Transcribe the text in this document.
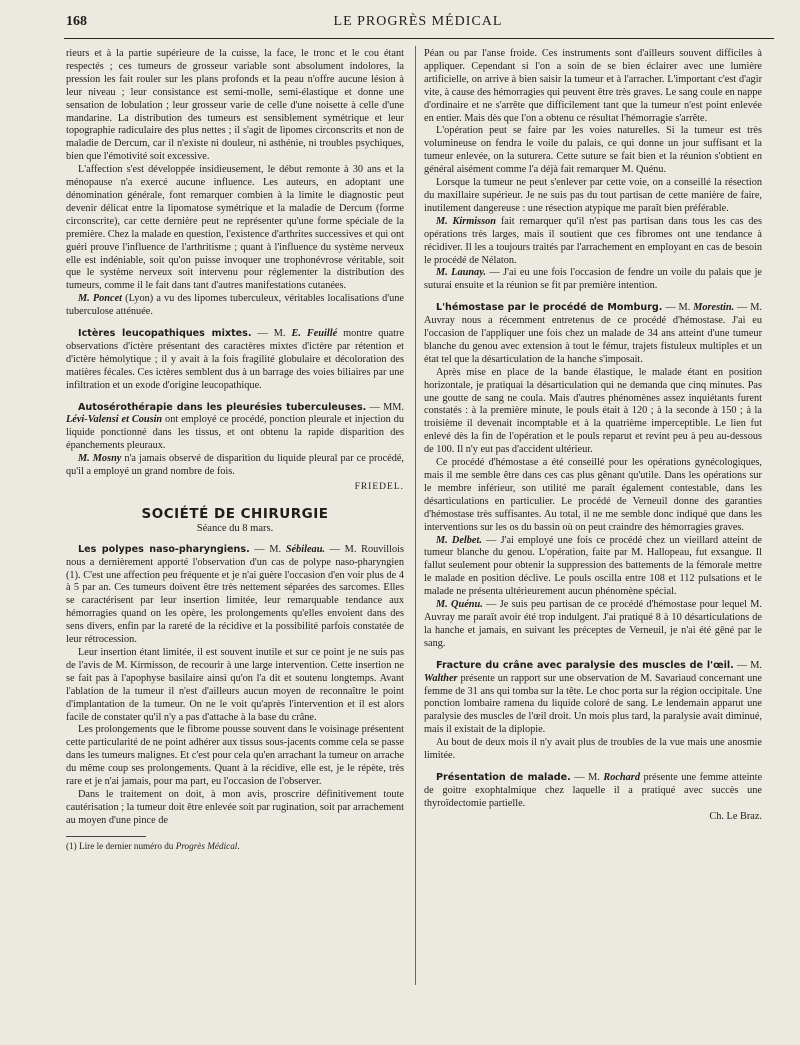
168	LE PROGRÈS MÉDICAL

rieurs et à la partie supérieure de la cuisse, la face, le tronc et le cou étant respectés ; ces tumeurs de grosseur variable sont absolument indolores, la pression les fait rouler sur les plans profonds et la peau n'offre aucune lésion à leur niveau ; leur consistance est semi-molle, semi-élastique et donne une sensation de lobulation ; leur grosseur varie de celle d'une noisette à celle d'une mandarine. La distribution des tumeurs est sensiblement symétrique et leur topographie radiculaire des plus nettes ; il s'agit de lipomes circonscrits et non de maladie de Dercum, car il n'existe ni douleur, ni asthénie, ni troubles psychiques, bien que l'émotivité soit excessive.

L'affection s'est développée insidieusement, le début remonte à 30 ans et la ménopause n'a exercé aucune influence. Les auteurs, en adoptant une dénomination générale, font remarquer combien à la limite le diagnostic peut devenir délicat entre la lipomatose symétrique et la maladie de Dercum (forme circonscrite), car cette dernière peut ne représenter qu'une forme spéciale de la première. Chez la malade en question, l'existence d'arthrites successives et qui ont guéri prouve l'influence de l'arthritisme ; quant à l'influence du système nerveux elle est indéniable, soit qu'on puisse invoquer une trophonévrose véritable, soit que le système nerveux soit intervenu pour réglementer la distribution des tumeurs, comme il le fait dans tant d'autres manifestations cutanées.

M. Poncet (Lyon) a vu des lipomes tuberculeux, véritables localisations d'une tuberculose atténuée.

Ictères leucopathiques mixtes. — M. E. Feuillé montre quatre observations d'ictère présentant des caractères mixtes d'ictère par rétention et d'ictère hémolytique ; il y avait à la fois fragilité globulaire et décoloration des matières fécales. Ces ictères semblent dus à un barrage des voies biliaires par une infiltration et un exode d'origine leucopathique.

Autosérothérapie dans les pleurésies tuberculeuses. — MM. Lévi-Valensi et Cousin ont employé ce procédé, ponction pleurale et injection du liquide ponctionné dans les tissus, et ont obtenu la rapide disparition des épanchements pleuraux.

M. Mosny n'a jamais observé de disparition du liquide pleural par ce procédé, qu'il a employé un grand nombre de fois.

FRIEDEL.

SOCIÉTÉ DE CHIRURGIE
Séance du 8 mars.

Les polypes naso-pharyngiens. — M. Sébileau. — M. Rouvillois nous a dernièrement apporté l'observation d'un cas de polype naso-pharyngien (1). C'est une affection peu fréquente et je n'ai guère l'occasion d'en voir plus de 4 à 5 par an. Ces tumeurs doivent être très nettement séparées des sarcomes. Elles se caractérisent par leur insertion limitée, leur remarquable tendance aux hémorragies quand on les opère, les prolongements qu'elles envoient dans des sens divers, enfin par la rareté de la récidive et la possibilité parfois constatée de leur rétrocession.

Leur insertion étant limitée, il est souvent inutile et sur ce point je ne suis pas de l'avis de M. Kirmisson, de recourir à une large intervention. Cette insertion ne se fait pas à l'apophyse basilaire ainsi qu'on l'a dit et soutenu longtemps. Avant l'ablation de la tumeur il n'est d'ailleurs aucun moyen de reconnaître le point d'implantation de la tumeur. On ne le voit qu'après l'intervention et il est alors facile de constater qu'il n'y a pas d'attache à la base du crâne.

Les prolongements que le fibrome pousse souvent dans le voisinage présentent cette particularité de ne point adhérer aux tissus sous-jacents comme cela se passe dans les tumeurs malignes. Et c'est pour cela qu'en arrachant la tumeur on arrache du même coup ses prolongements. Quant à la récidive, elle est, je le répète, très rare et je n'ai jamais, pour ma part, eu l'occasion de l'observer.

Dans le traitement on doit, à mon avis, proscrire définitivement toute cautérisation ; la tumeur doit être enlevée soit par rugination, soit par arrachement au moyen d'une pince de

(1) Lire le dernier numéro du Progrès Médical.

Péan ou par l'anse froide. Ces instruments sont d'ailleurs souvent difficiles à appliquer. Cependant si l'on a soin de se bien éclairer avec une lumière artificielle, on arrive à bien saisir la tumeur et à l'arracher. L'important c'est d'agir vite, à cause des hémorragies qui peuvent être très graves. Le sang coule en nappe d'ordinaire et ne s'arrête que difficilement tant que la tumeur n'est point enlevée en entier. Mais dès que l'on a obtenu ce résultat l'hémorragie s'arrête.

L'opération peut se faire par les voies naturelles. Si la tumeur est très volumineuse on fendra le voile du palais, ce qui donne un jour suffisant et la tumeur enlevée, on la suturera. Cette suture se fait bien et la réunion s'obtient en général aisément comme l'a déjà fait remarquer M. Quénu.

Lorsque la tumeur ne peut s'enlever par cette voie, on a conseillé la résection du maxillaire supérieur. Je ne suis pas du tout partisan de cette manière de faire, inutilement dangereuse : une résection atypique me paraît bien préférable.

M. Kirmisson fait remarquer qu'il n'est pas partisan dans tous les cas des opérations très larges, mais il soutient que ces fibromes ont une tendance à récidiver. Il les a toujours traités par l'arrachement en employant en cas de besoin le procédé de Nélaton.

M. Launay. — J'ai eu une fois l'occasion de fendre un voile du palais que je suturai ensuite et la réunion se fit par première intention.

L'hémostase par le procédé de Momburg. — M. Morestin. — M. Auvray nous a récemment entretenus de ce procédé d'hémostase. J'ai eu l'occasion de l'appliquer une fois chez un malade de 34 ans atteint d'une tumeur blanche du genou avec extension à tout le fémur, trajets fistuleux multiples et un état tel que la désarticulation de la hanche s'imposait.

Après mise en place de la bande élastique, le malade étant en position horizontale, je pratiquai la désarticulation qui ne demanda que cinq minutes. Pas une goutte de sang ne coula. Mais d'autres phénomènes assez inquiétants furent constatés : à la première minute, le pouls était à 120 ; à la seconde à 150 ; à la troisième il devenait incomptable et à la quatrième imperceptible. Le lien fut enlevé dès la fin de l'opération et le pouls reparut et revint peu à peu au-dessous de 100. Il n'y eut pas d'accident ultérieur.

Ce procédé d'hémostase a été conseillé pour les opérations gynécologiques, mais il me semble être dans ces cas plus gênant qu'utile. Dans les opérations sur le membre inférieur, son utilité me paraît également contestable, dans les désarticulations en particulier. Le procédé de Verneuil donne des garanties d'hémostase très suffisantes. Au total, il ne me semble donc indiqué que dans les interventions sur les os du bassin où on peut craindre des hémorragies graves.

M. Delbet. — J'ai employé une fois ce procédé chez un vieillard atteint de tumeur blanche du genou. L'opération, faite par M. Hallopeau, fut exsangue. Il fallut seulement pour obtenir la suppression des battements de la fémorale mettre le malade en position déclive. Le pouls oscilla entre 108 et 112 pulsations et le malade ne présenta ultérieurement aucun phénomène spécial.

M. Quénu. — Je suis peu partisan de ce procédé d'hémostase pour lequel M. Auvray me paraît avoir été trop indulgent. J'ai pratiqué 8 à 10 désarticulations de la hanche et jamais, en suivant les préceptes de Verneuil, je n'ai été gêné par le sang.

Fracture du crâne avec paralysie des muscles de l'œil. — M. Walther présente un rapport sur une observation de M. Savariaud concernant une femme de 31 ans qui tomba sur la tête. Le choc porta sur la région occipitale. Une ponction lombaire ramena du liquide coloré de sang. Le lendemain apparut une paralysie des muscles de l'œil droit. Un mois plus tard, la paralysie avait diminué, mais il existait de la diplopie.

Au bout de deux mois il n'y avait plus de troubles de la vue mais une anosmie limitée.

Présentation de malade. — M. Rochard présente une femme atteinte de goitre exophtalmique chez laquelle il a pratiqué avec succès une thyroïdectomie partielle.
Ch. Le Braz.
